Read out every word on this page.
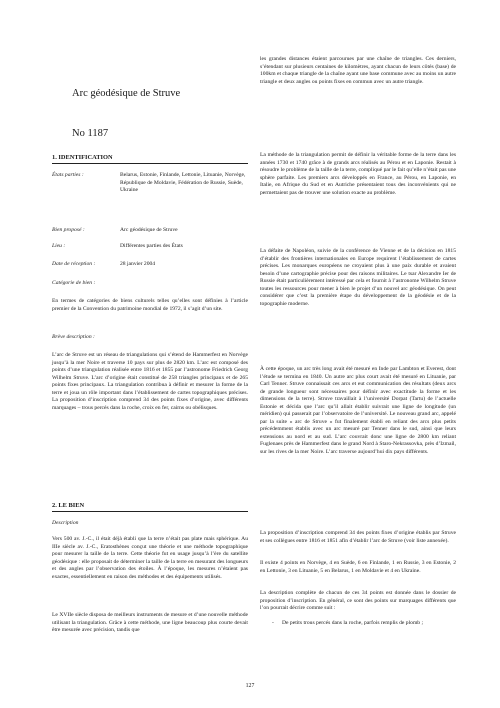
Arc géodésique de Struve

No 1187

1. IDENTIFICATION
États parties :	Belarus, Estonie, Finlande, Lettonie, Lituanie, Norvège, République de Moldavie, Fédération de Russie, Suède, Ukraine
Bien proposé :	Arc géodésique de Struve
Lieu :	Différentes parties des États
Date de réception :	28 janvier 2004

Catégorie de bien :

En termes de catégories de biens culturels telles qu’elles sont définies à l’article premier de la Convention du patrimoine mondial de 1972, il s’agit d’un site.

Brève description :

L’arc de Struve est un réseau de triangulations qui s’étend de Hammerfest en Norvège jusqu’à la mer Noire et traverse 10 pays sur plus de 2820 km. L’arc est composé des points d’une triangulation réalisée entre 1816 et 1855 par l’astronome Friedrich Georg Wilhelm Struve. L’arc d’origine était constitué de 258 triangles principaux et de 265 points fixes principaux. La triangulation contribua à définir et mesurer la forme de la terre et joua un rôle important dans l’établissement de cartes topographiques précises. La proposition d’inscription comprend 34 des points fixes d’origine, avec différents marquages – trous percés dans la roche, croix en fer, cairns ou obélisques.

2. LE BIEN

Description

Vers 500 av. J.-C., il était déjà établi que la terre n’était pas plate mais sphérique. Au IIIe siècle av. J.-C., Eratosthènes conçut une théorie et une méthode topographique pour mesurer la taille de la terre. Cette théorie fut en usage jusqu’à l’ère du satellite géodésique : elle proposait de déterminer la taille de la terre en mesurant des longueurs et des angles par l’observation des étoiles. À l’époque, les mesures n’étaient pas exactes, essentiellement en raison des méthodes et des équipements utilisés.

Le XVIIe siècle disposa de meilleurs instruments de mesure et d’une nouvelle méthode utilisant la triangulation. Grâce à cette méthode, une ligne beaucoup plus courte devait être mesurée avec précision, tandis que

les grandes distances étaient parcourues par une chaîne de triangles. Ces derniers, s’étendant sur plusieurs centaines de kilomètres, ayant chacun de leurs côtés (base) de 100km et chaque triangle de la chaîne ayant une base commune avec au moins un autre triangle et deux angles ou points fixes en commun avec un autre triangle.

La méthode de la triangulation permit de définir la véritable forme de la terre dans les années 1730 et 1740 grâce à de grands arcs réalisés au Pérou et en Laponie. Restait à résoudre le problème de la taille de la terre, compliqué par le fait qu’elle n’était pas une sphère parfaite. Les premiers arcs développés en France, au Pérou, en Laponie, en Italie, en Afrique du Sud et en Autriche présentaient tous des inconvénients qui ne permettaient pas de trouver une solution exacte au problème.

La défaite de Napoléon, suivie de la conférence de Vienne et de la décision en 1815 d’établir des frontières internationales en Europe requirent l’établissement de cartes précises. Les monarques européens ne croyaient plus à une paix durable et avaient besoin d’une cartographie précise pour des raisons militaires. Le tsar Alexandre Ier de Russie était particulièrement intéressé par cela et fournit à l’astronome Wilhelm Struve toutes les ressources pour mener à bien le projet d’un nouvel arc géodésique. On peut considérer que c’est la première étape du développement de la géodésie et de la topographie moderne.

À cette époque, un arc très long avait été mesuré en Inde par Lambton et Everest, dont l’étude se termina en 1840. Un autre arc plus court avait été mesuré en Lituanie, par Carl Tenner. Struve connaissait ces arcs et eut communication des résultats (deux arcs de grande longueur sont nécessaires pour définir avec exactitude la forme et les dimensions de la terre). Struve travaillait à l’université Dorpat (Tartu) de l’actuelle Estonie et décida que l’arc qu’il allait établir suivrait une ligne de longitude (un méridien) qui passerait par l’observatoire de l’université. Le nouveau grand arc, appelé par la suite « arc de Struve » fut finalement établi en reliant des arcs plus petits précédemment établis avec un arc mesuré par Tenner dans le sud, ainsi que leurs extensions au nord et au sud. L’arc couvrait donc une ligne de 2800 km reliant Fuglenaes près de Hammerfest dans le grand Nord à Staro-Nekrassovka, près d’Izmail, sur les rives de la mer Noire. L’arc traverse aujourd’hui dix pays différents.

La proposition d’inscription comprend 34 des points fixes d’origine établis par Struve et ses collègues entre 1816 et 1851 afin d’établir l’arc de Struve (voir liste annexée).

Il existe 4 points en Norvège, 4 en Suède, 6 en Finlande, 1 en Russie, 3 en Estonie, 2 en Lettonie, 3 en Lituanie, 5 en Belarus, 1 en Moldavie et 4 en Ukraine.

La description complète de chacun de ces 34 points est donnée dans le dossier de proposition d’inscription. En général, ce sont des points sur marquages différents que l’on pourrait décrire comme suit :

- De petits trous percés dans la roche, parfois remplis de plomb ;
127
